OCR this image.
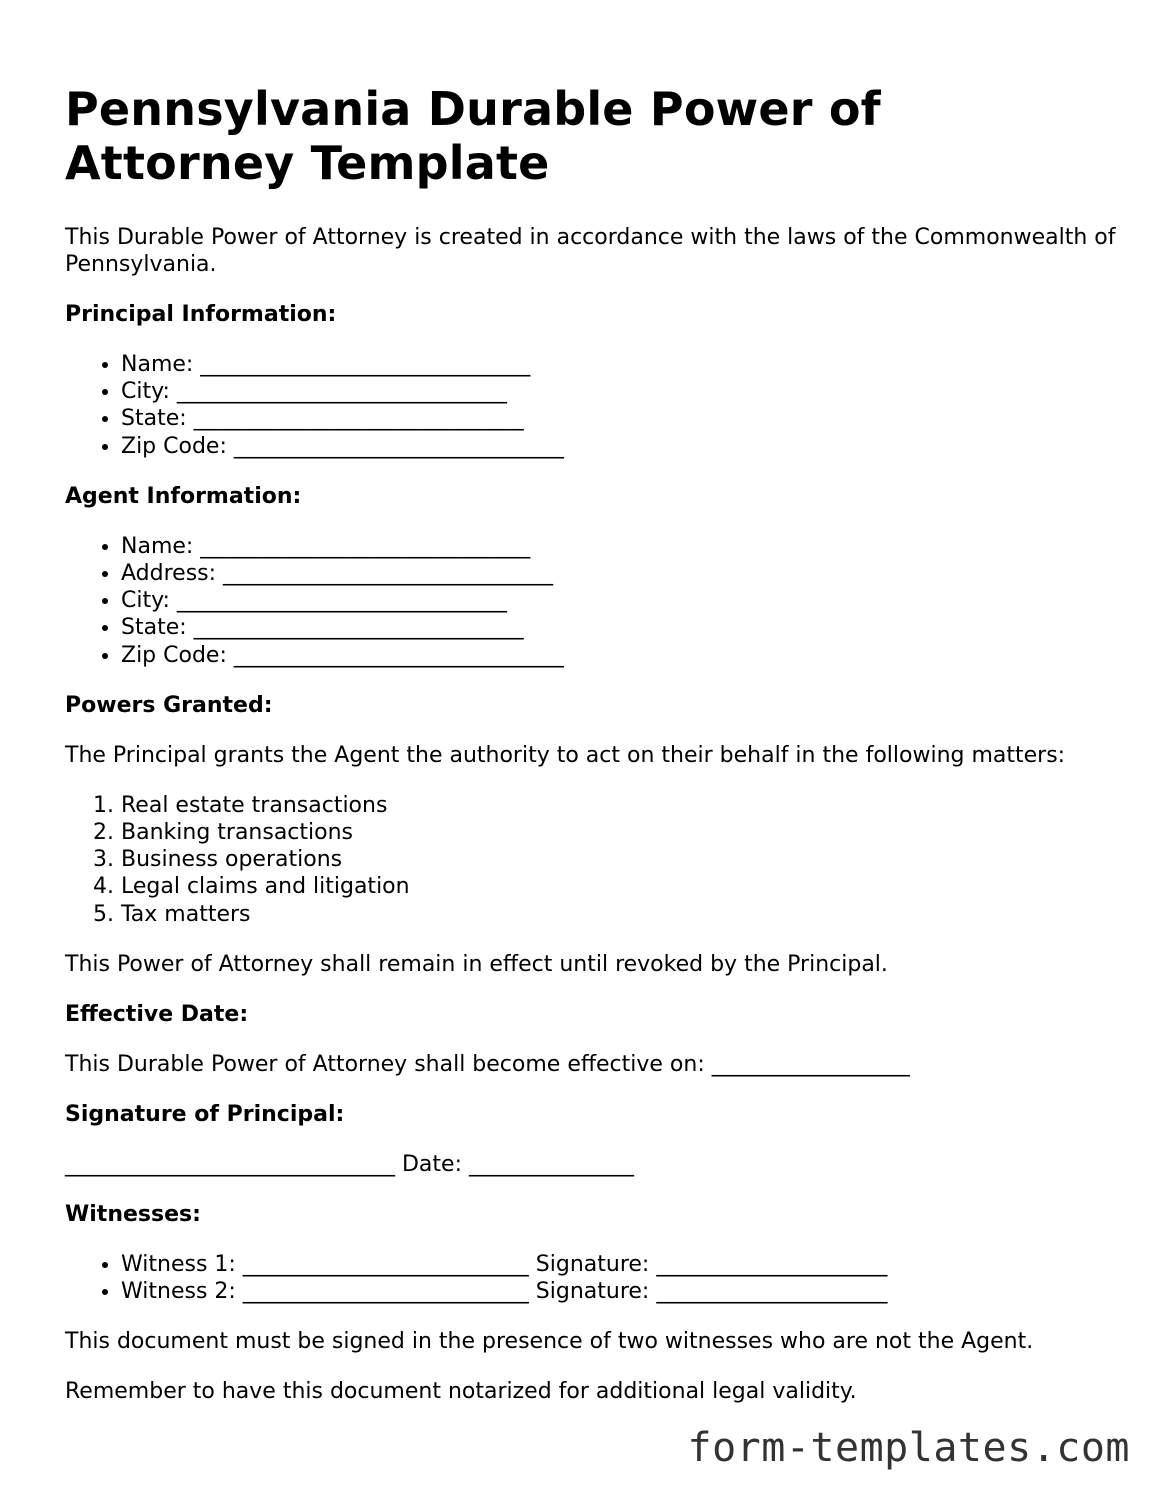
Pennsylvania Durable Power of Attorney Template

This Durable Power of Attorney is created in accordance with the laws of the Commonwealth of Pennsylvania.

Principal Information:
• Name: ______________________________
• City: ______________________________
• State: ______________________________
• Zip Code: ______________________________
Agent Information:
• Name: ______________________________
• Address: ______________________________
• City: ______________________________
• State: ______________________________
• Zip Code: ______________________________
Powers Granted:

The Principal grants the Agent the authority to act on their behalf in the following matters:

1. Real estate transactions
2. Banking transactions
3. Business operations
4. Legal claims and litigation
5. Tax matters

This Power of Attorney shall remain in effect until revoked by the Principal.

Effective Date:

This Durable Power of Attorney shall become effective on: __________________

Signature of Principal:

______________________________ Date: _______________

Witnesses:
• Witness 1: __________________________ Signature: _____________________
• Witness 2: __________________________ Signature: _____________________

This document must be signed in the presence of two witnesses who are not the Agent.

Remember to have this document notarized for additional legal validity.

form-templates.com
